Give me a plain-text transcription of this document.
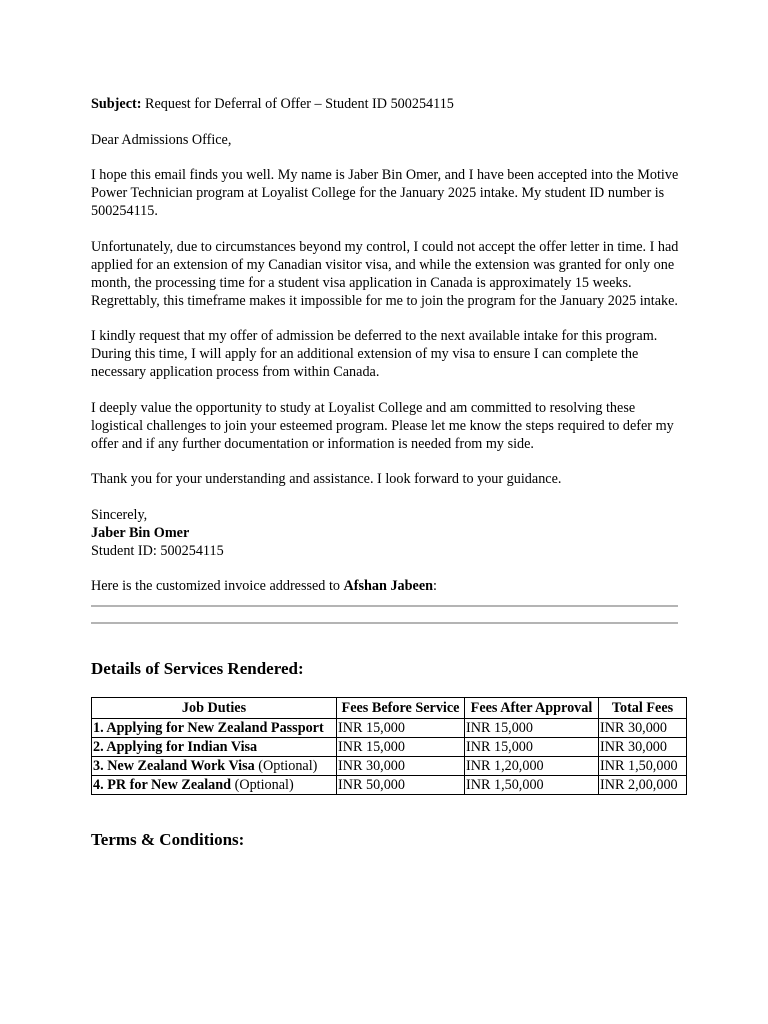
Subject: Request for Deferral of Offer – Student ID 500254115

Dear Admissions Office,

I hope this email finds you well. My name is Jaber Bin Omer, and I have been accepted into the Motive Power Technician program at Loyalist College for the January 2025 intake. My student ID number is 500254115.

Unfortunately, due to circumstances beyond my control, I could not accept the offer letter in time. I had applied for an extension of my Canadian visitor visa, and while the extension was granted for only one month, the processing time for a student visa application in Canada is approximately 15 weeks. Regrettably, this timeframe makes it impossible for me to join the program for the January 2025 intake.

I kindly request that my offer of admission be deferred to the next available intake for this program. During this time, I will apply for an additional extension of my visa to ensure I can complete the necessary application process from within Canada.

I deeply value the opportunity to study at Loyalist College and am committed to resolving these logistical challenges to join your esteemed program. Please let me know the steps required to defer my offer and if any further documentation or information is needed from my side.

Thank you for your understanding and assistance. I look forward to your guidance.

Sincerely,

Jaber Bin Omer

Student ID: 500254115

Here is the customized invoice addressed to Afshan Jabeen:

Details of Services Rendered:
Job Duties	Fees Before Service	Fees After Approval	Total Fees
1. Applying for New Zealand Passport	INR 15,000	INR 15,000	INR 30,000
2. Applying for Indian Visa	INR 15,000	INR 15,000	INR 30,000
3. New Zealand Work Visa (Optional)	INR 30,000	INR 1,20,000	INR 1,50,000
4. PR for New Zealand (Optional)	INR 50,000	INR 1,50,000	INR 2,00,000
Terms & Conditions:
